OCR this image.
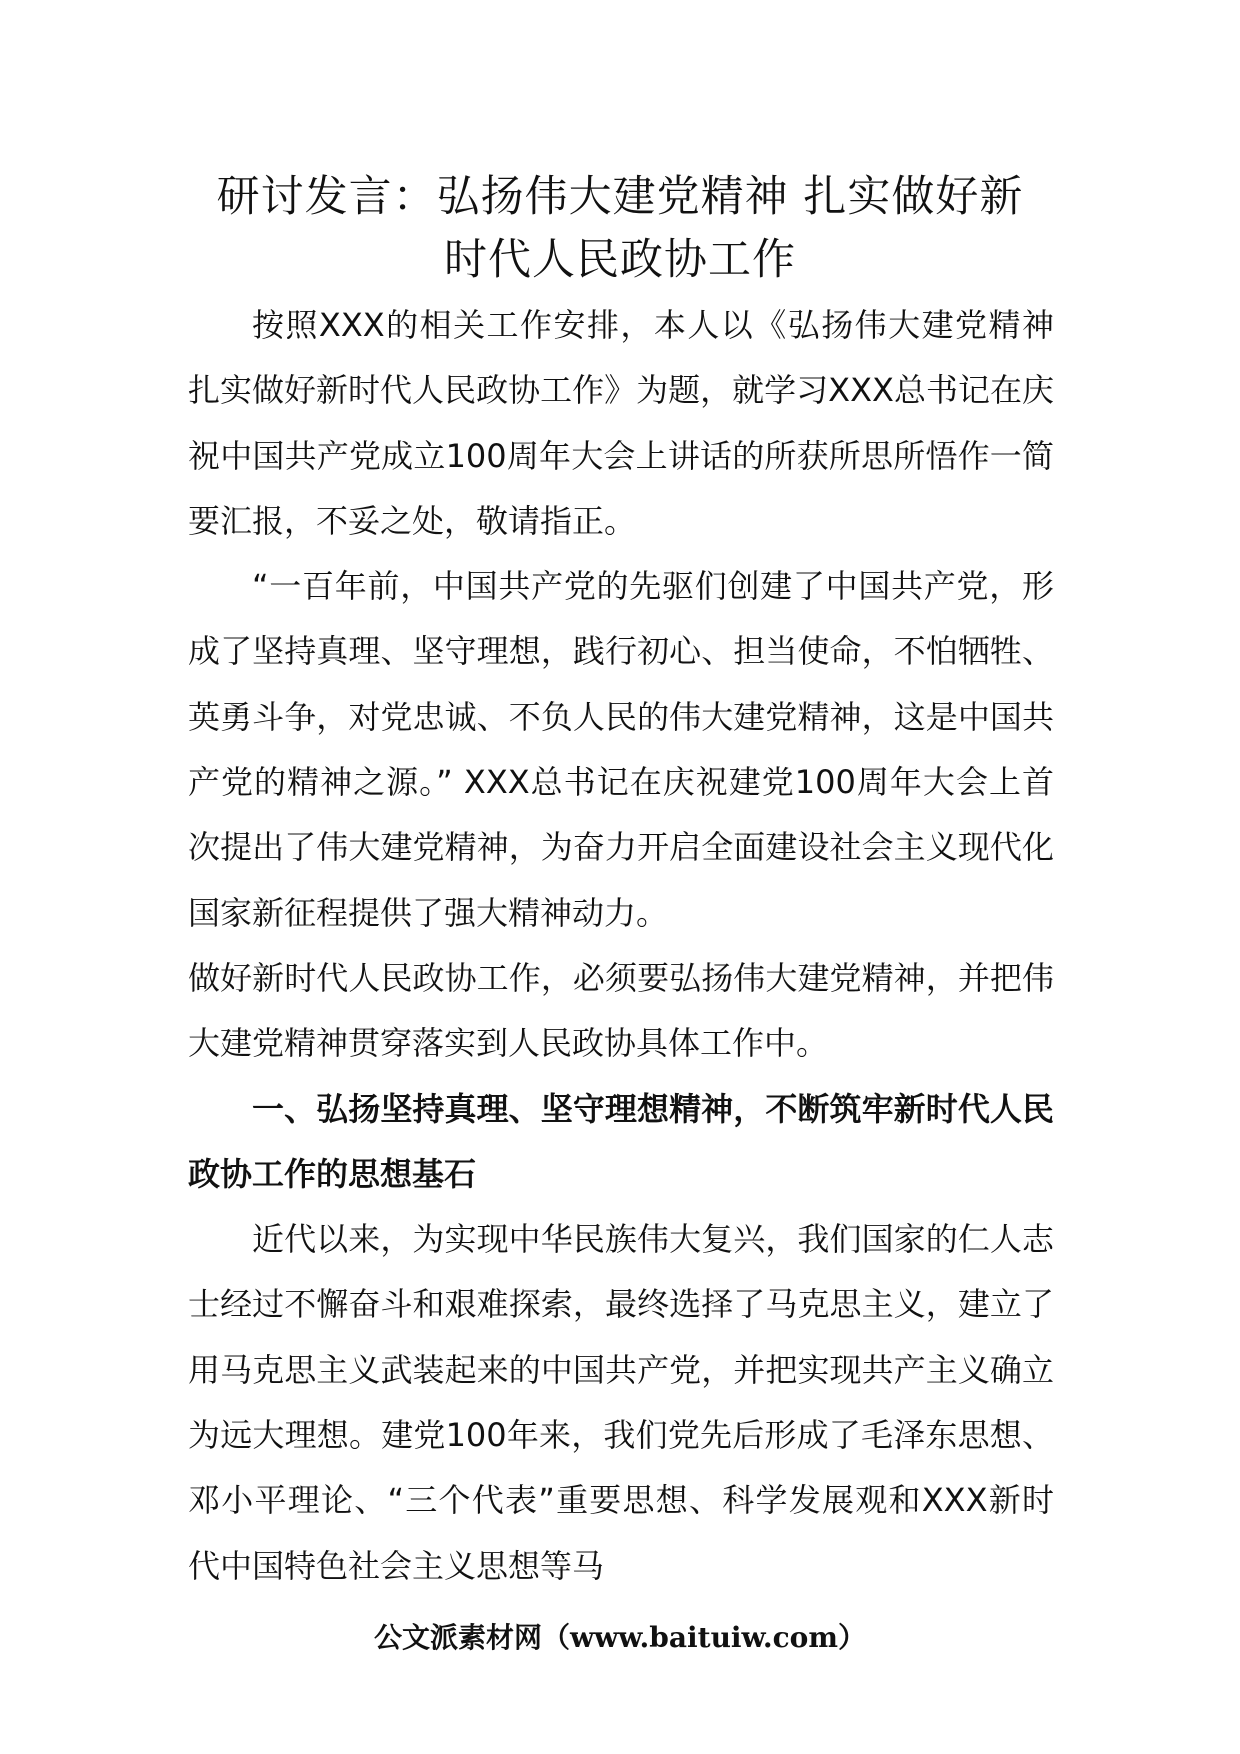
研讨发言：弘扬伟大建党精神 扎实做好新
时代人民政协工作

按照XXX的相关工作安排，本人以《弘扬伟大建党精神 扎实做好新时代人民政协工作》为题，就学习XXX总书记在庆祝中国共产党成立100周年大会上讲话的所获所思所悟作一简要汇报，不妥之处，敬请指正。

“一百年前，中国共产党的先驱们创建了中国共产党，形成了坚持真理、坚守理想，践行初心、担当使命，不怕牺牲、英勇斗争，对党忠诚、不负人民的伟大建党精神，这是中国共产党的精神之源。” XXX总书记在庆祝建党100周年大会上首次提出了伟大建党精神，为奋力开启全面建设社会主义现代化国家新征程提供了强大精神动力。

做好新时代人民政协工作，必须要弘扬伟大建党精神，并把伟大建党精神贯穿落实到人民政协具体工作中。

一、弘扬坚持真理、坚守理想精神，不断筑牢新时代人民政协工作的思想基石

近代以来，为实现中华民族伟大复兴，我们国家的仁人志士经过不懈奋斗和艰难探索，最终选择了马克思主义，建立了用马克思主义武装起来的中国共产党，并把实现共产主义确立为远大理想。建党100年来，我们党先后形成了毛泽东思想、邓小平理论、“三个代表”重要思想、科学发展观和XXX新时代中国特色社会主义思想等马

公文派素材网（www.baituiw.com）
